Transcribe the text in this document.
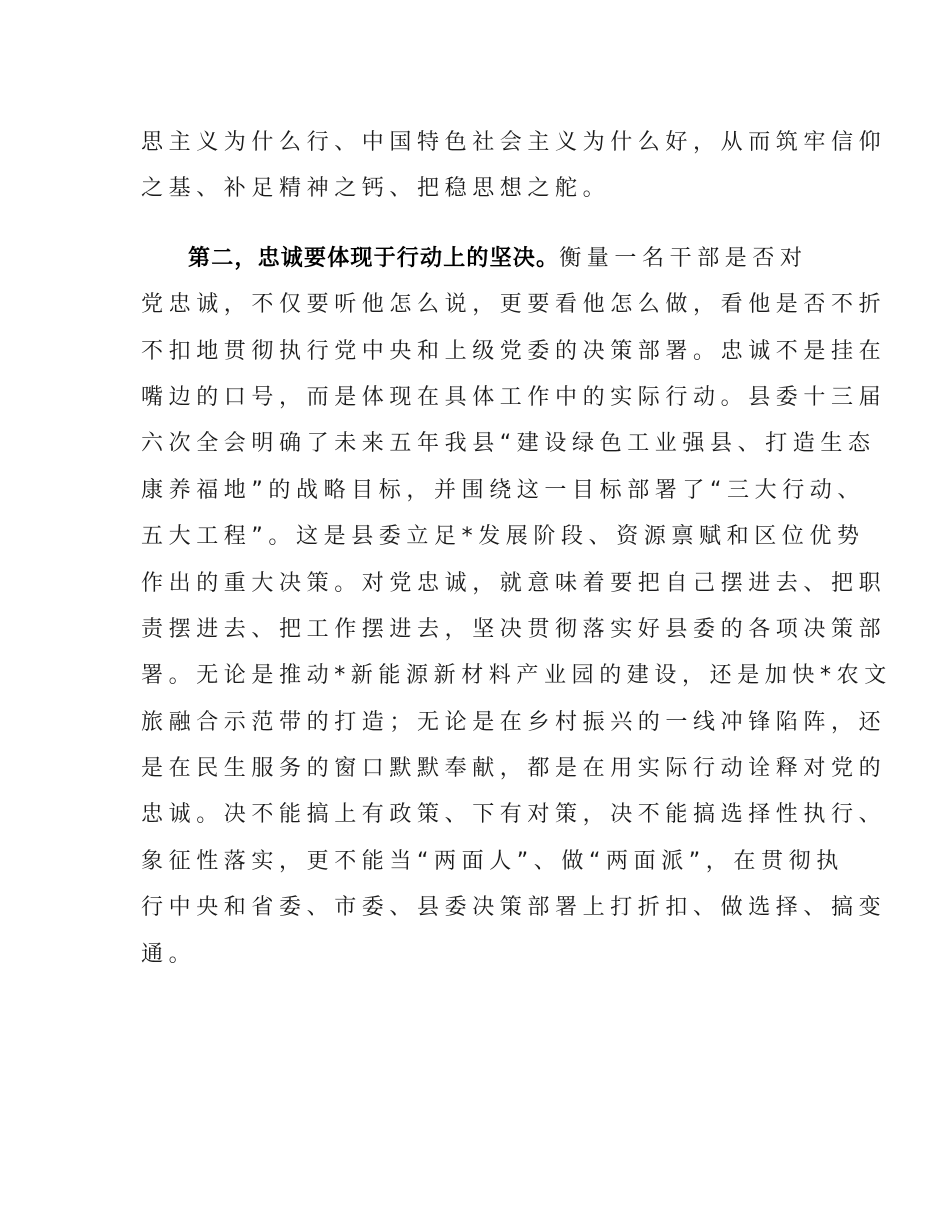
思主义为什么行、中国特色社会主义为什么好，从而筑牢信仰
之基、补足精神之钙、把稳思想之舵。
第二，忠诚要体现于行动上的坚决。衡量一名干部是否对
党忠诚，不仅要听他怎么说，更要看他怎么做，看他是否不折
不扣地贯彻执行党中央和上级党委的决策部署。忠诚不是挂在
嘴边的口号，而是体现在具体工作中的实际行动。县委十三届
六次全会明确了未来五年我县“建设绿色工业强县、打造生态
康养福地”的战略目标，并围绕这一目标部署了“三大行动、
五大工程”。这是县委立足*发展阶段、资源禀赋和区位优势
作出的重大决策。对党忠诚，就意味着要把自己摆进去、把职
责摆进去、把工作摆进去，坚决贯彻落实好县委的各项决策部
署。无论是推动*新能源新材料产业园的建设，还是加快*农文
旅融合示范带的打造；无论是在乡村振兴的一线冲锋陷阵，还
是在民生服务的窗口默默奉献，都是在用实际行动诠释对党的
忠诚。决不能搞上有政策、下有对策，决不能搞选择性执行、
象征性落实，更不能当“两面人”、做“两面派”，在贯彻执
行中央和省委、市委、县委决策部署上打折扣、做选择、搞变
通。
